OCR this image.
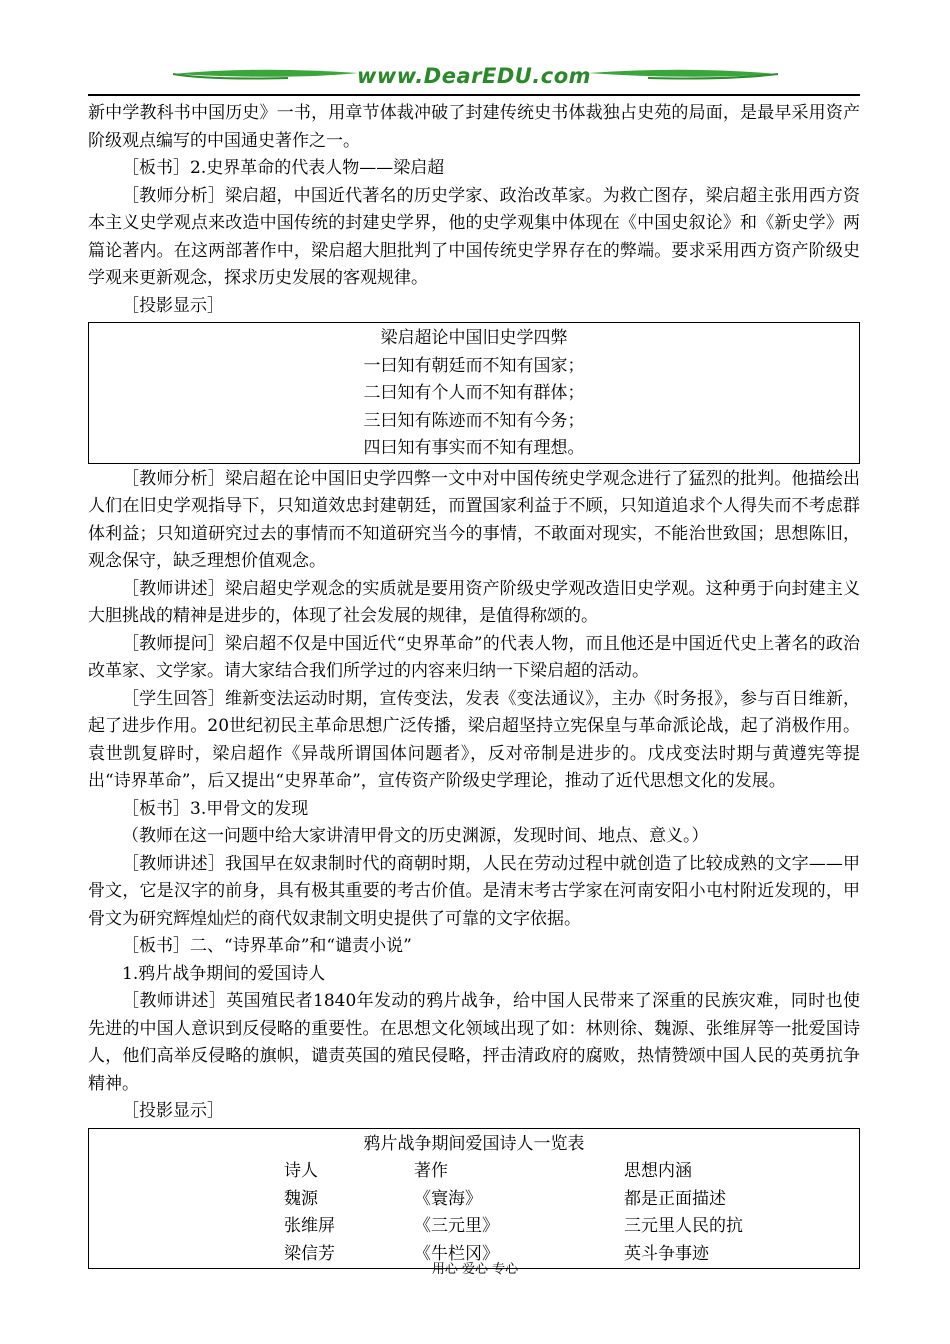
www.DearEDU.com

新中学教科书中国历史》一书，用章节体裁冲破了封建传统史书体裁独占史苑的局面，是最早采用资产阶级观点编写的中国通史著作之一。

［板书］2.史界革命的代表人物——梁启超

［教师分析］梁启超，中国近代著名的历史学家、政治改革家。为救亡图存，梁启超主张用西方资本主义史学观点来改造中国传统的封建史学界，他的史学观集中体现在《中国史叙论》和《新史学》两篇论著内。在这两部著作中，梁启超大胆批判了中国传统史学界存在的弊端。要求采用西方资产阶级史学观来更新观念，探求历史发展的客观规律。

［投影显示］

梁启超论中国旧史学四弊
一曰知有朝廷而不知有国家；
二曰知有个人而不知有群体；
三曰知有陈迹而不知有今务；
四曰知有事实而不知有理想。

［教师分析］梁启超在论中国旧史学四弊一文中对中国传统史学观念进行了猛烈的批判。他描绘出人们在旧史学观指导下，只知道效忠封建朝廷，而置国家利益于不顾，只知道追求个人得失而不考虑群体利益；只知道研究过去的事情而不知道研究当今的事情，不敢面对现实，不能治世致国；思想陈旧，观念保守，缺乏理想价值观念。

［教师讲述］梁启超史学观念的实质就是要用资产阶级史学观改造旧史学观。这种勇于向封建主义大胆挑战的精神是进步的，体现了社会发展的规律，是值得称颂的。

［教师提问］梁启超不仅是中国近代“史界革命”的代表人物，而且他还是中国近代史上著名的政治改革家、文学家。请大家结合我们所学过的内容来归纳一下梁启超的活动。

［学生回答］维新变法运动时期，宣传变法，发表《变法通议》，主办《时务报》，参与百日维新，起了进步作用。20世纪初民主革命思想广泛传播，梁启超坚持立宪保皇与革命派论战，起了消极作用。袁世凯复辟时，梁启超作《异哉所谓国体问题者》，反对帝制是进步的。戊戌变法时期与黄遵宪等提出“诗界革命”，后又提出“史界革命”，宣传资产阶级史学理论，推动了近代思想文化的发展。

［板书］3.甲骨文的发现

（教师在这一问题中给大家讲清甲骨文的历史渊源，发现时间、地点、意义。）

［教师讲述］我国早在奴隶制时代的商朝时期，人民在劳动过程中就创造了比较成熟的文字——甲骨文，它是汉字的前身，具有极其重要的考古价值。是清末考古学家在河南安阳小屯村附近发现的，甲骨文为研究辉煌灿烂的商代奴隶制文明史提供了可靠的文字依据。

［板书］二、“诗界革命”和“谴责小说”

1.鸦片战争期间的爱国诗人

［教师讲述］英国殖民者1840年发动的鸦片战争，给中国人民带来了深重的民族灾难，同时也使先进的中国人意识到反侵略的重要性。在思想文化领域出现了如：林则徐、魏源、张维屏等一批爱国诗人，他们高举反侵略的旗帜，谴责英国的殖民侵略，抨击清政府的腐败，热情赞颂中国人民的英勇抗争精神。

［投影显示］

鸦片战争期间爱国诗人一览表
诗人	著作	思想内涵
魏源	《寰海》	都是正面描述
张维屏	《三元里》	三元里人民的抗
梁信芳	《牛栏冈》	英斗争事迹
用心 爱心 专心
